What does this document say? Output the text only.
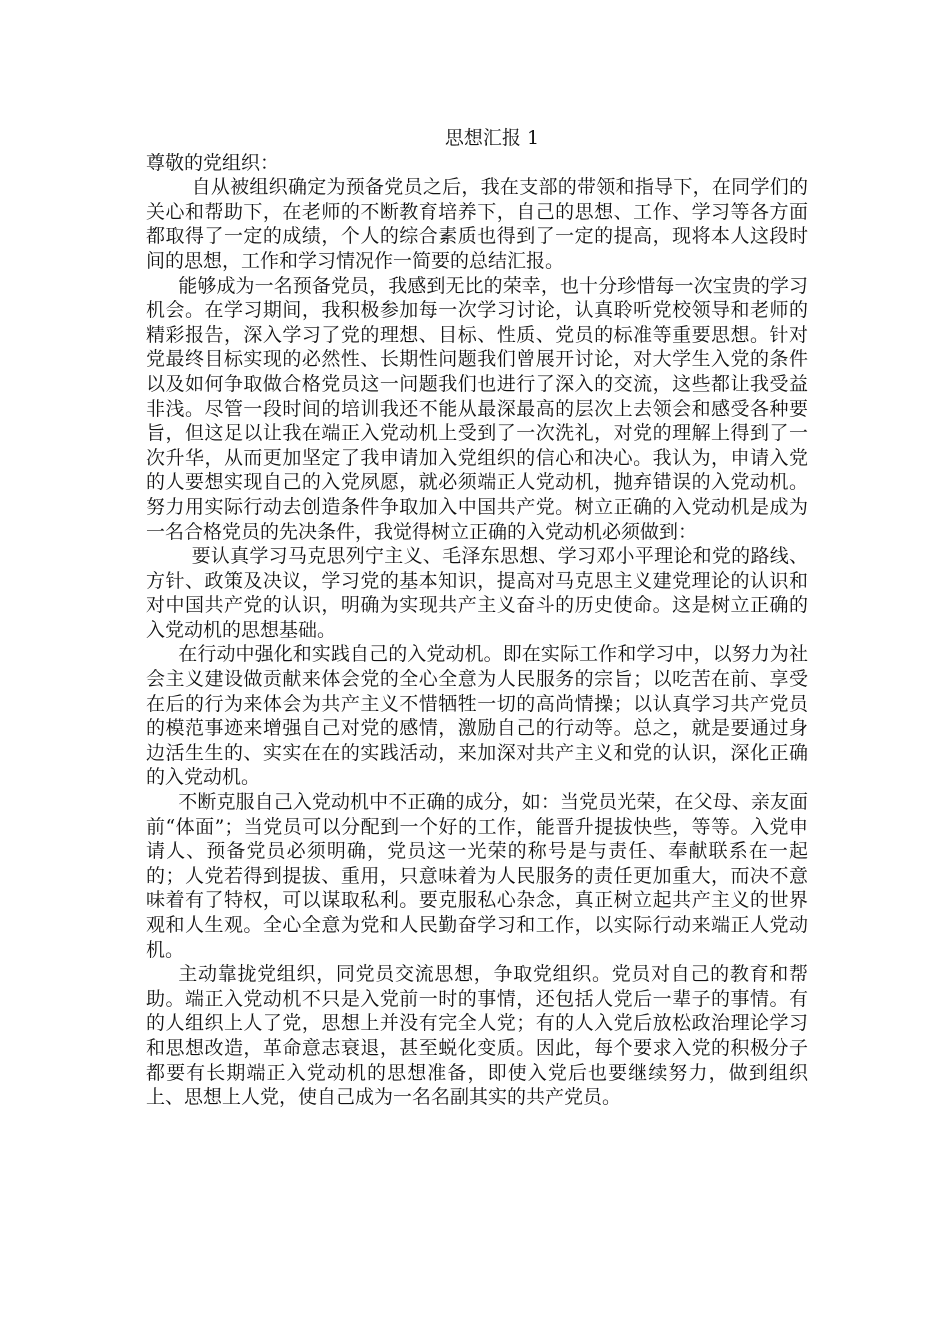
思想汇报 1

尊敬的党组织：

自从被组织确定为预备党员之后，我在支部的带领和指导下，在同学们的关心和帮助下，在老师的不断教育培养下，自己的思想、工作、学习等各方面都取得了一定的成绩，个人的综合素质也得到了一定的提高，现将本人这段时间的思想，工作和学习情况作一简要的总结汇报。

能够成为一名预备党员，我感到无比的荣幸，也十分珍惜每一次宝贵的学习机会。在学习期间，我积极参加每一次学习讨论，认真聆听党校领导和老师的精彩报告，深入学习了党的理想、目标、性质、党员的标准等重要思想。针对党最终目标实现的必然性、长期性问题我们曾展开讨论，对大学生入党的条件以及如何争取做合格党员这一问题我们也进行了深入的交流，这些都让我受益非浅。尽管一段时间的培训我还不能从最深最高的层次上去领会和感受各种要旨，但这足以让我在端正入党动机上受到了一次洗礼，对党的理解上得到了一次升华，从而更加坚定了我申请加入党组织的信心和决心。我认为，申请入党的人要想实现自己的入党夙愿，就必须端正人党动机，抛弃错误的入党动机。努力用实际行动去创造条件争取加入中国共产党。树立正确的入党动机是成为一名合格党员的先决条件，我觉得树立正确的入党动机必须做到：

要认真学习马克思列宁主义、毛泽东思想、学习邓小平理论和党的路线、方针、政策及决议，学习党的基本知识，提高对马克思主义建党理论的认识和对中国共产党的认识，明确为实现共产主义奋斗的历史使命。这是树立正确的入党动机的思想基础。

在行动中强化和实践自己的入党动机。即在实际工作和学习中，以努力为社会主义建设做贡献来体会党的全心全意为人民服务的宗旨；以吃苦在前、享受在后的行为来体会为共产主义不惜牺牲一切的高尚情操；以认真学习共产党员的模范事迹来增强自己对党的感情，激励自己的行动等。总之，就是要通过身边活生生的、实实在在的实践活动，来加深对共产主义和党的认识，深化正确的入党动机。

不断克服自己入党动机中不正确的成分，如：当党员光荣，在父母、亲友面前“体面”；当党员可以分配到一个好的工作，能晋升提拔快些，等等。入党申请人、预备党员必须明确，党员这一光荣的称号是与责任、奉献联系在一起的；人党若得到提拔、重用，只意味着为人民服务的责任更加重大，而决不意味着有了特权，可以谋取私利。要克服私心杂念，真正树立起共产主义的世界观和人生观。全心全意为党和人民勤奋学习和工作，以实际行动来端正人党动机。

主动靠拢党组织，同党员交流思想，争取党组织。党员对自己的教育和帮助。端正入党动机不只是入党前一时的事情，还包括人党后一辈子的事情。有的人组织上人了党，思想上并没有完全人党；有的人入党后放松政治理论学习和思想改造，革命意志衰退，甚至蜕化变质。因此，每个要求入党的积极分子都要有长期端正入党动机的思想准备，即使入党后也要继续努力，做到组织上、思想上人党，使自己成为一名名副其实的共产党员。
